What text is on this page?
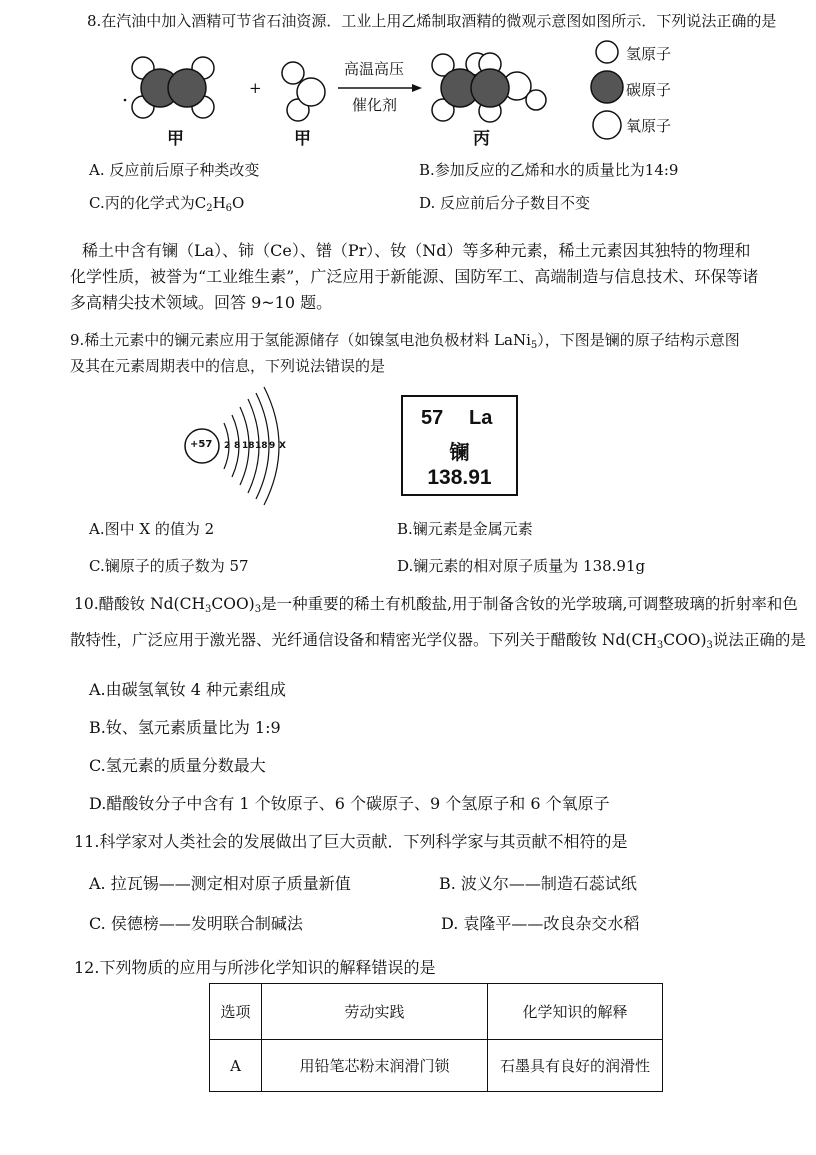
8.在汽油中加入酒精可节省石油资源．工业上用乙烯制取酒精的微观示意图如图所示．下列说法正确的是
甲
+
甲
高温高压
催化剂
丙
氢原子
碳原子
氧原子
A. 反应前后原子种类改变	B.参加反应的乙烯和水的质量比为14:9
C.丙的化学式为$C_2H_6O$	D. 反应前后分子数目不变
稀土中含有镧（La）、铈（Ce）、镨（Pr）、钕（Nd）等多种元素，稀土元素因其独特的物理和
化学性质，被誉为“工业维生素”，广泛应用于新能源、国防军工、高端制造与信息技术、环保等诸
多高精尖技术领域。回答 9~10 题。
9.稀土元素中的镧元素应用于氢能源储存（如镍氢电池负极材料 LaNi$_5$），下图是镧的原子结构示意图
及其在元素周期表中的信息，下列说法错误的是
+57 2 8 18 18 9 X
57 La
镧
138.91
A.图中 X 的值为 2	B.镧元素是金属元素
C.镧原子的质子数为 57	D.镧元素的相对原子质量为 138.91g
10.醋酸钕 $Nd(CH_3COO)_3$是一种重要的稀土有机酸盐,用于制备含钕的光学玻璃,可调整玻璃的折射率和色
散特性，广泛应用于激光器、光纤通信设备和精密光学仪器。下列关于醋酸钕 $Nd(CH_3COO)_3$说法正确的是
A.由碳氢氧钕 4 种元素组成
B.钕、氢元素质量比为 1:9
C.氢元素的质量分数最大
D.醋酸钕分子中含有 1 个钕原子、6 个碳原子、9 个氢原子和 6 个氧原子
11.科学家对人类社会的发展做出了巨大贡献．下列科学家与其贡献不相符的是
A. 拉瓦锡——测定相对原子质量新值	B. 波义尔——制造石蕊试纸
C. 侯德榜——发明联合制碱法	D. 袁隆平——改良杂交水稻
12.下列物质的应用与所涉化学知识的解释错误的是
选项	劳动实践	化学知识的解释
A	用铅笔芯粉末润滑门锁	石墨具有良好的润滑性
